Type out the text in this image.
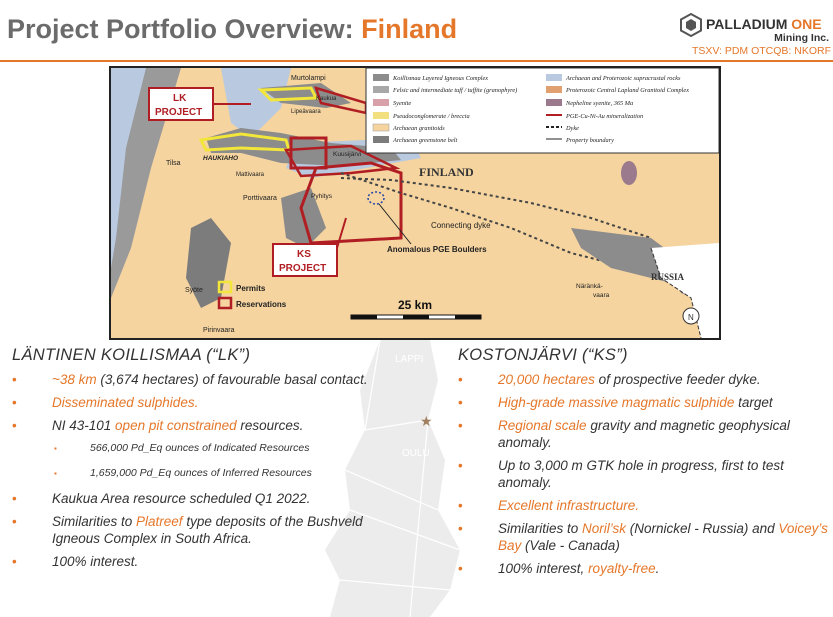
Project Portfolio Overview: Finland	PALLADIUM ONE
Mining Inc.
TSXV: PDM OTCQB: NKORF
LAPPI
OULU
★
N
Koillismaa Layered Igneous Complex
Felsic and intermediate tuff / tuffite (granophyre)
Syenite
Pseudoconglomerate / breccia
Archaean granitoids
Archaean greenstone belt
Archaean and Proterozoic supracrustal rocks
Proterozoic Central Lapland Granitoid Complex
Nepheline syenite, 365 Ma
PGE-Cu-Ni-Au mineralization
Dyke
Property boundary
FINLAND
RUSSIA
LK
PROJECT
KS
PROJECT
Connecting dyke
Anomalous PGE Boulders
Murtolampi
Kaukua
Lipeävaara
HAUKIAHO
Tilsa
Mattivaara
Kuusijärvi
Porttivaara	Pyhitys
Syöte
Pirinvaara
Näränkä-
vaara
Permits
Reservations	25 km
LÄNTINEN KOILLISMAA (“LK”)
•	~38 km (3,674 hectares) of favourable basal contact.
•	Disseminated sulphides.
•	NI 43-101 open pit constrained resources.
▪	566,000 Pd_Eq ounces of Indicated Resources
▪	1,659,000 Pd_Eq ounces of Inferred Resources
•	Kaukua Area resource scheduled Q1 2022.
•	Similarities to Platreef type deposits of the Bushveld Igneous Complex in South Africa.
•	100% interest.
KOSTONJÄRVI (“KS”)
•	20,000 hectares of prospective feeder dyke.
•	High-grade massive magmatic sulphide target
•	Regional scale gravity and magnetic geophysical anomaly.
•	Up to 3,000 m GTK hole in progress, first to test anomaly.
•	Excellent infrastructure.
•	Similarities to Noril’sk (Nornickel - Russia) and Voicey’s Bay (Vale - Canada)
•	100% interest, royalty-free.
